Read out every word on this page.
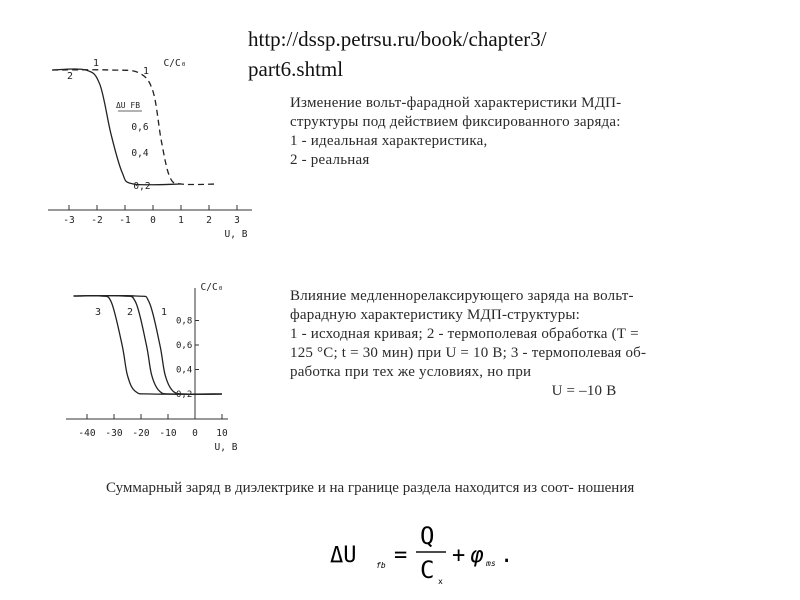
http://dssp.petrsu.ru/book/chapter3/
part6.shtml
-3 -2 -1 0 1 2 3
U, B
1
1
2
C/C₀
ΔU FB
0,6
0,4
0,2
Изменение вольт-фарадной характеристики МДП-
структуры под действием фиксированного заряда:
1 - идеальная характеристика,
2 - реальная
-40 -30 -20 -10 0 10
U, B
0,8
0,6
0,4
0,2
C/C₀
3	2	1
Влияние медленнорелаксирующего заряда на вольт-
фарадную характеристику МДП-структуры:
1 - исходная кривая; 2 - термополевая обработка (Т =
125 °С; t = 30 мин) при U = 10 В; 3 - термополевая об-
работка при тех же условиях, но при
U = –10 В
Суммарный заряд в диэлектрике и на границе раздела находится из соот- ношения
ΔU fb =
Q
C x
+ φ ms .
